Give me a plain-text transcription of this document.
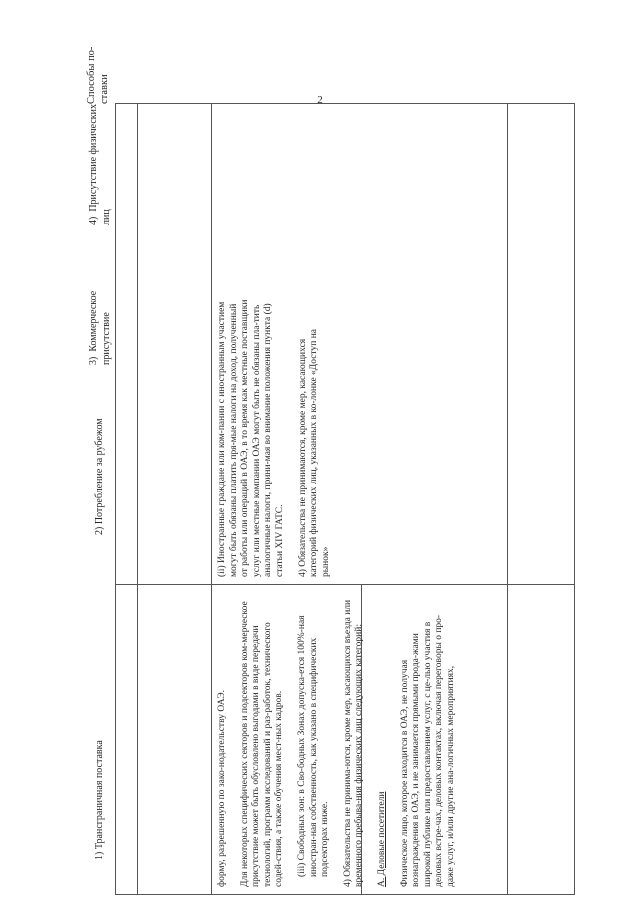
2

форму, разрешенную по зако-нодательству ОАЭ. Для некоторых специфических секторов и подсекторов ком-мерческое присутствие может быть обусловлено выгодами в виде передачи технологий, программ исследований и раз-работок, технического содей-ствия, а также обучения мест-ных кадров. (iii) Свободных зон: в Сво-бодных Зонах допуска-ется 100%-ная иностран-ная собственность, как указано в специфических подсекторах ниже. 4) Обязательства не принима-ются, кроме мер, касающихся въезда или временного пребыва-ния физических лиц следующих категорий: A. Деловые посетители Физическое лицо, которое находится в ОАЭ, не получая вознаграждения в ОАЭ, и не занимается прямыми прода-жами широкой публике или предоставлением услуг, с це-лью участия в деловых встре-чах, деловых контактах, включая переговоры о про-даже услуг, и/или другие ана-логичных мероприятиях,

(ii) Иностранные граждане или ком-пании с иностранным участием могут быть обязаны платить пря-мые налоги на доход, полученный от работы или операций в ОАЭ, в то время как местные поставщики услуг или местные компании ОАЭ могут быть не обязаны пла-тить аналогичные налоги, прини-мая во внимание положения пункта (d) статьи XIV ГАТС. 4) Обязательства не принимаются, кроме мер, касающихся категорий физических лиц, указанных в ко-лонке «Доступ на рынок»

Способы по-
ставки
1) Трансграничная поставка
2) Потребление за рубежом
3)  Коммерческое
присутствие
4)  Присутствие физических
лиц
